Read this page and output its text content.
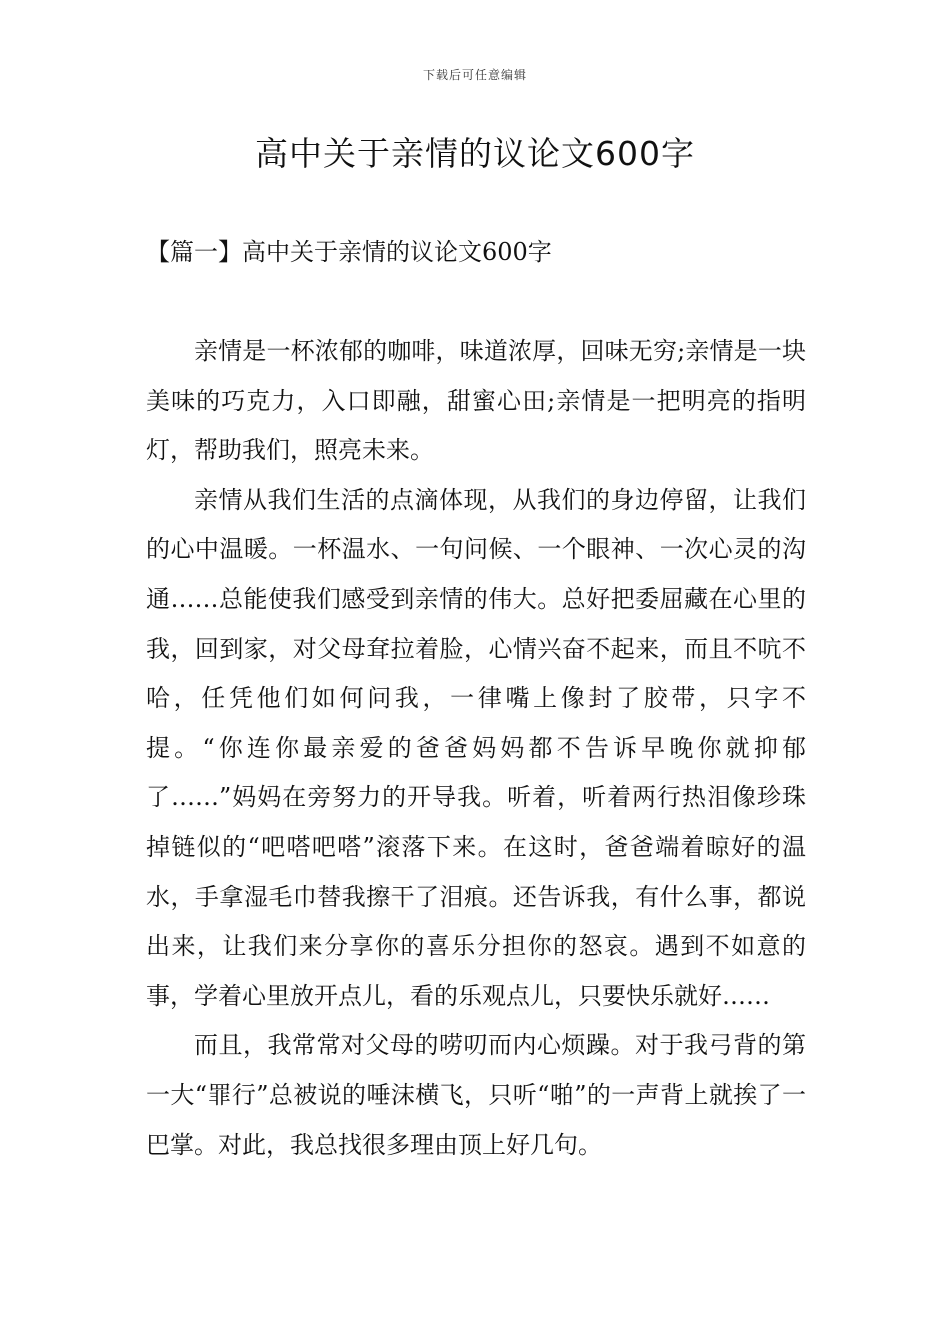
下载后可任意编辑
高中关于亲情的议论文600字
【篇一】高中关于亲情的议论文600字

亲情是一杯浓郁的咖啡，味道浓厚，回味无穷;亲情是一块美味的巧克力，入口即融，甜蜜心田;亲情是一把明亮的指明灯，帮助我们，照亮未来。

亲情从我们生活的点滴体现，从我们的身边停留，让我们的心中温暖。一杯温水、一句问候、一个眼神、一次心灵的沟通……总能使我们感受到亲情的伟大。总好把委屈藏在心里的我，回到家，对父母耷拉着脸，心情兴奋不起来，而且不吭不哈，任凭他们如何问我，一律嘴上像封了胶带，只字不提。“你连你最亲爱的爸爸妈妈都不告诉早晚你就抑郁了……”妈妈在旁努力的开导我。听着，听着两行热泪像珍珠掉链似的“吧嗒吧嗒”滚落下来。在这时，爸爸端着晾好的温水，手拿湿毛巾替我擦干了泪痕。还告诉我，有什么事，都说出来，让我们来分享你的喜乐分担你的怒哀。遇到不如意的事，学着心里放开点儿，看的乐观点儿，只要快乐就好……

而且，我常常对父母的唠叨而内心烦躁。对于我弓背的第一大“罪行”总被说的唾沫横飞，只听“啪”的一声背上就挨了一巴掌。对此，我总找很多理由顶上好几句。
